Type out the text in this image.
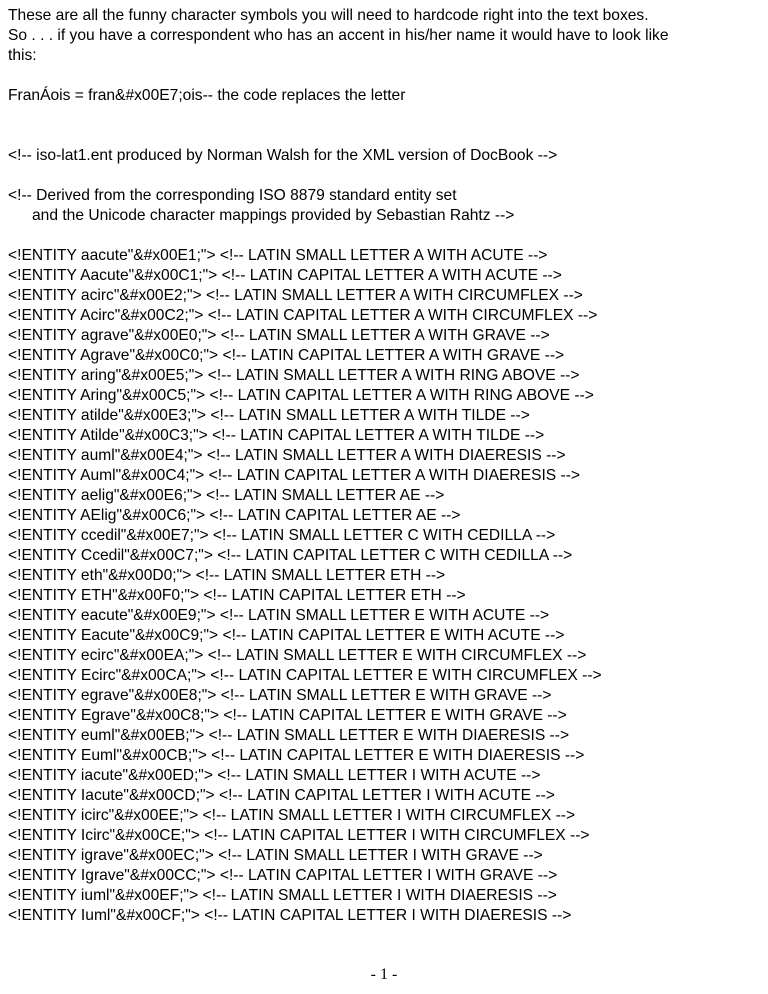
These are all the funny character symbols you will need to hardcode right into the text boxes.
So . . . if you have a correspondent who has an accent in his/her name it would have to look like
this:
FranÁois = fran&#x00E7;ois-- the code replaces the letter
<!-- iso-lat1.ent produced by Norman Walsh for the XML version of DocBook -->
<!-- Derived from the corresponding ISO 8879 standard entity set
and the Unicode character mappings provided by Sebastian Rahtz -->
<!ENTITY aacute"&#x00E1;"> <!-- LATIN SMALL LETTER A WITH ACUTE -->
<!ENTITY Aacute"&#x00C1;"> <!-- LATIN CAPITAL LETTER A WITH ACUTE -->
<!ENTITY acirc"&#x00E2;"> <!-- LATIN SMALL LETTER A WITH CIRCUMFLEX -->
<!ENTITY Acirc"&#x00C2;"> <!-- LATIN CAPITAL LETTER A WITH CIRCUMFLEX -->
<!ENTITY agrave"&#x00E0;"> <!-- LATIN SMALL LETTER A WITH GRAVE -->
<!ENTITY Agrave"&#x00C0;"> <!-- LATIN CAPITAL LETTER A WITH GRAVE -->
<!ENTITY aring"&#x00E5;"> <!-- LATIN SMALL LETTER A WITH RING ABOVE -->
<!ENTITY Aring"&#x00C5;"> <!-- LATIN CAPITAL LETTER A WITH RING ABOVE -->
<!ENTITY atilde"&#x00E3;"> <!-- LATIN SMALL LETTER A WITH TILDE -->
<!ENTITY Atilde"&#x00C3;"> <!-- LATIN CAPITAL LETTER A WITH TILDE -->
<!ENTITY auml"&#x00E4;"> <!-- LATIN SMALL LETTER A WITH DIAERESIS -->
<!ENTITY Auml"&#x00C4;"> <!-- LATIN CAPITAL LETTER A WITH DIAERESIS -->
<!ENTITY aelig"&#x00E6;"> <!-- LATIN SMALL LETTER AE -->
<!ENTITY AElig"&#x00C6;"> <!-- LATIN CAPITAL LETTER AE -->
<!ENTITY ccedil"&#x00E7;"> <!-- LATIN SMALL LETTER C WITH CEDILLA -->
<!ENTITY Ccedil"&#x00C7;"> <!-- LATIN CAPITAL LETTER C WITH CEDILLA -->
<!ENTITY eth"&#x00D0;"> <!-- LATIN SMALL LETTER ETH -->
<!ENTITY ETH"&#x00F0;"> <!-- LATIN CAPITAL LETTER ETH -->
<!ENTITY eacute"&#x00E9;"> <!-- LATIN SMALL LETTER E WITH ACUTE -->
<!ENTITY Eacute"&#x00C9;"> <!-- LATIN CAPITAL LETTER E WITH ACUTE -->
<!ENTITY ecirc"&#x00EA;"> <!-- LATIN SMALL LETTER E WITH CIRCUMFLEX -->
<!ENTITY Ecirc"&#x00CA;"> <!-- LATIN CAPITAL LETTER E WITH CIRCUMFLEX -->
<!ENTITY egrave"&#x00E8;"> <!-- LATIN SMALL LETTER E WITH GRAVE -->
<!ENTITY Egrave"&#x00C8;"> <!-- LATIN CAPITAL LETTER E WITH GRAVE -->
<!ENTITY euml"&#x00EB;"> <!-- LATIN SMALL LETTER E WITH DIAERESIS -->
<!ENTITY Euml"&#x00CB;"> <!-- LATIN CAPITAL LETTER E WITH DIAERESIS -->
<!ENTITY iacute"&#x00ED;"> <!-- LATIN SMALL LETTER I WITH ACUTE -->
<!ENTITY Iacute"&#x00CD;"> <!-- LATIN CAPITAL LETTER I WITH ACUTE -->
<!ENTITY icirc"&#x00EE;"> <!-- LATIN SMALL LETTER I WITH CIRCUMFLEX -->
<!ENTITY Icirc"&#x00CE;"> <!-- LATIN CAPITAL LETTER I WITH CIRCUMFLEX -->
<!ENTITY igrave"&#x00EC;"> <!-- LATIN SMALL LETTER I WITH GRAVE -->
<!ENTITY Igrave"&#x00CC;"> <!-- LATIN CAPITAL LETTER I WITH GRAVE -->
<!ENTITY iuml"&#x00EF;"> <!-- LATIN SMALL LETTER I WITH DIAERESIS -->
<!ENTITY Iuml"&#x00CF;"> <!-- LATIN CAPITAL LETTER I WITH DIAERESIS -->
- 1 -
